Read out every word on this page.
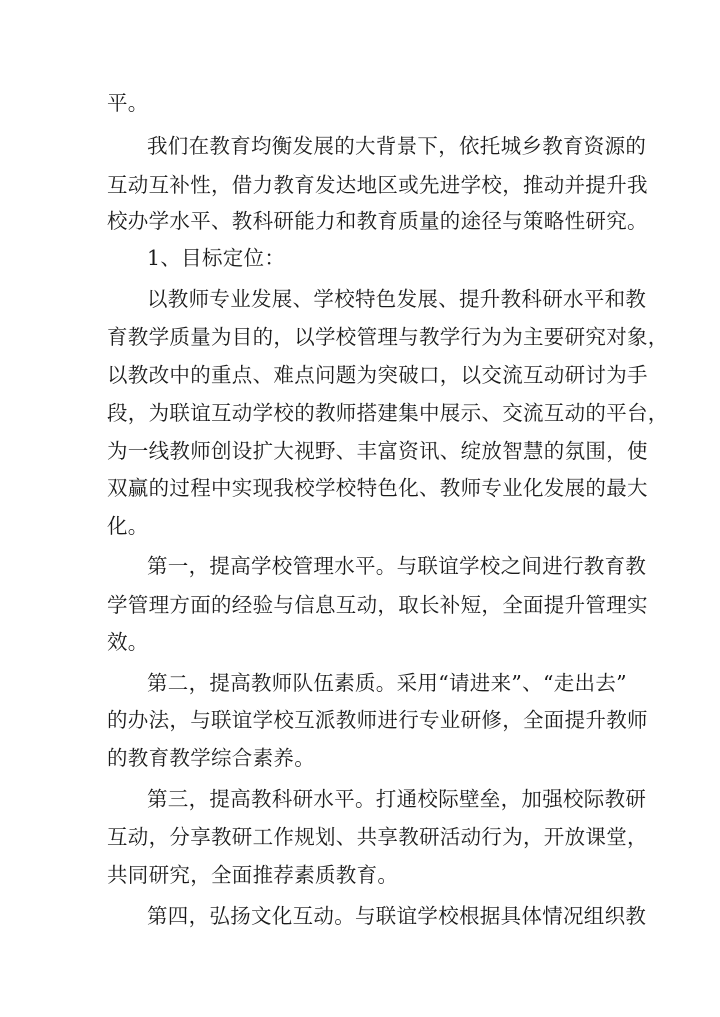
平。
我们在教育均衡发展的大背景下，依托城乡教育资源的
互动互补性，借力教育发达地区或先进学校，推动并提升我
校办学水平、教科研能力和教育质量的途径与策略性研究。
1、目标定位：
以教师专业发展、学校特色发展、提升教科研水平和教
育教学质量为目的，以学校管理与教学行为为主要研究对象，
以教改中的重点、难点问题为突破口，以交流互动研讨为手
段，为联谊互动学校的教师搭建集中展示、交流互动的平台，
为一线教师创设扩大视野、丰富资讯、绽放智慧的氛围，使
双赢的过程中实现我校学校特色化、教师专业化发展的最大
化。
第一，提高学校管理水平。与联谊学校之间进行教育教
学管理方面的经验与信息互动，取长补短，全面提升管理实
效。
第二，提高教师队伍素质。采用“请进来”、“走出去”
的办法，与联谊学校互派教师进行专业研修，全面提升教师
的教育教学综合素养。
第三，提高教科研水平。打通校际壁垒，加强校际教研
互动，分享教研工作规划、共享教研活动行为，开放课堂，
共同研究，全面推荐素质教育。
第四，弘扬文化互动。与联谊学校根据具体情况组织教
